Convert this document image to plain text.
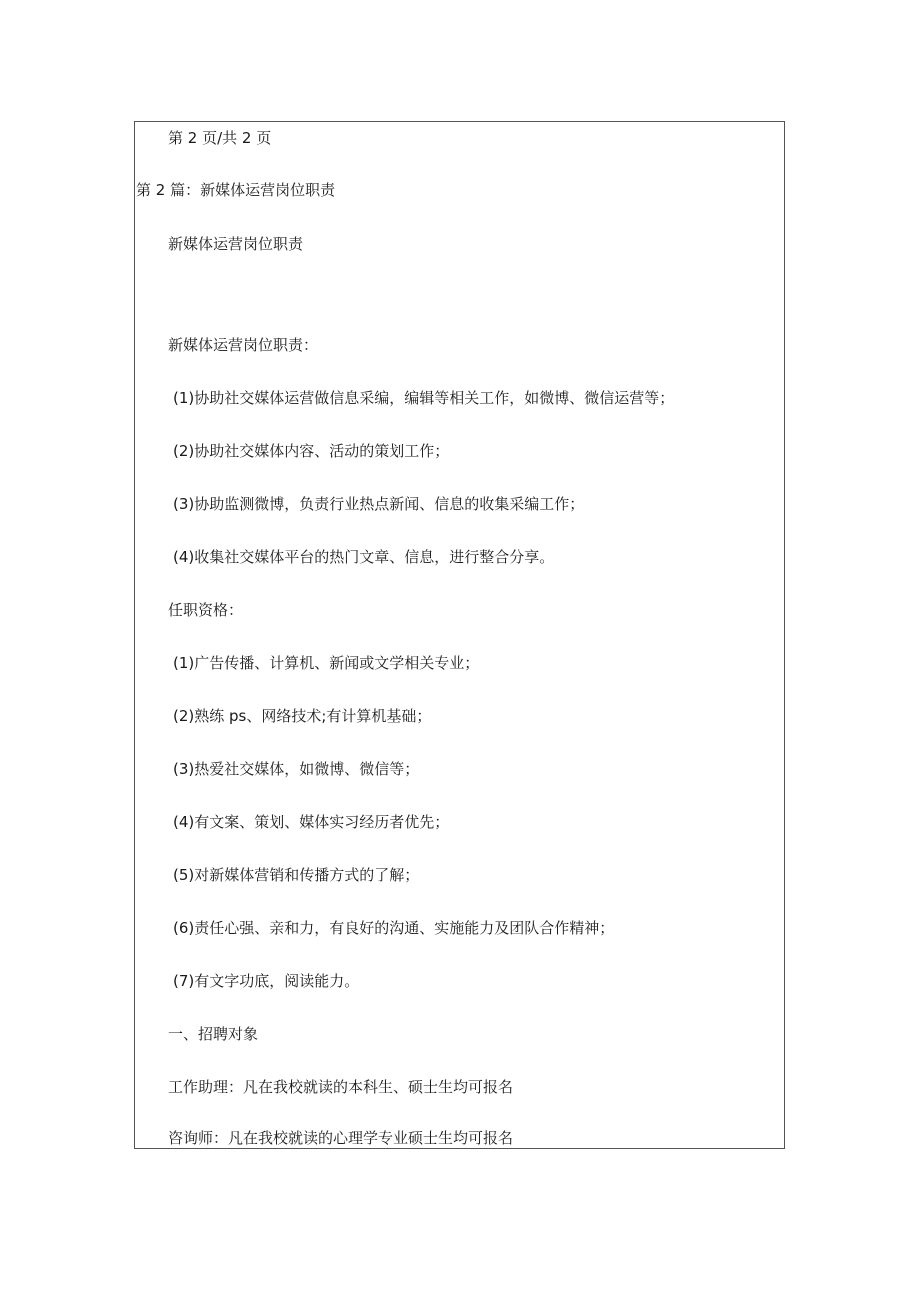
第 2 页/共 2 页
第 2 篇：新媒体运营岗位职责
新媒体运营岗位职责
新媒体运营岗位职责：
(1)协助社交媒体运营做信息采编，编辑等相关工作，如微博、微信运营等；
(2)协助社交媒体内容、活动的策划工作；
(3)协助监测微博，负责行业热点新闻、信息的收集采编工作；
(4)收集社交媒体平台的热门文章、信息，进行整合分享。
任职资格：
(1)广告传播、计算机、新闻或文学相关专业；
(2)熟练 ps、网络技术;有计算机基础；
(3)热爱社交媒体，如微博、微信等；
(4)有文案、策划、媒体实习经历者优先；
(5)对新媒体营销和传播方式的了解；
(6)责任心强、亲和力，有良好的沟通、实施能力及团队合作精神；
(7)有文字功底，阅读能力。
一、招聘对象
工作助理：凡在我校就读的本科生、硕士生均可报名
咨询师：凡在我校就读的心理学专业硕士生均可报名
